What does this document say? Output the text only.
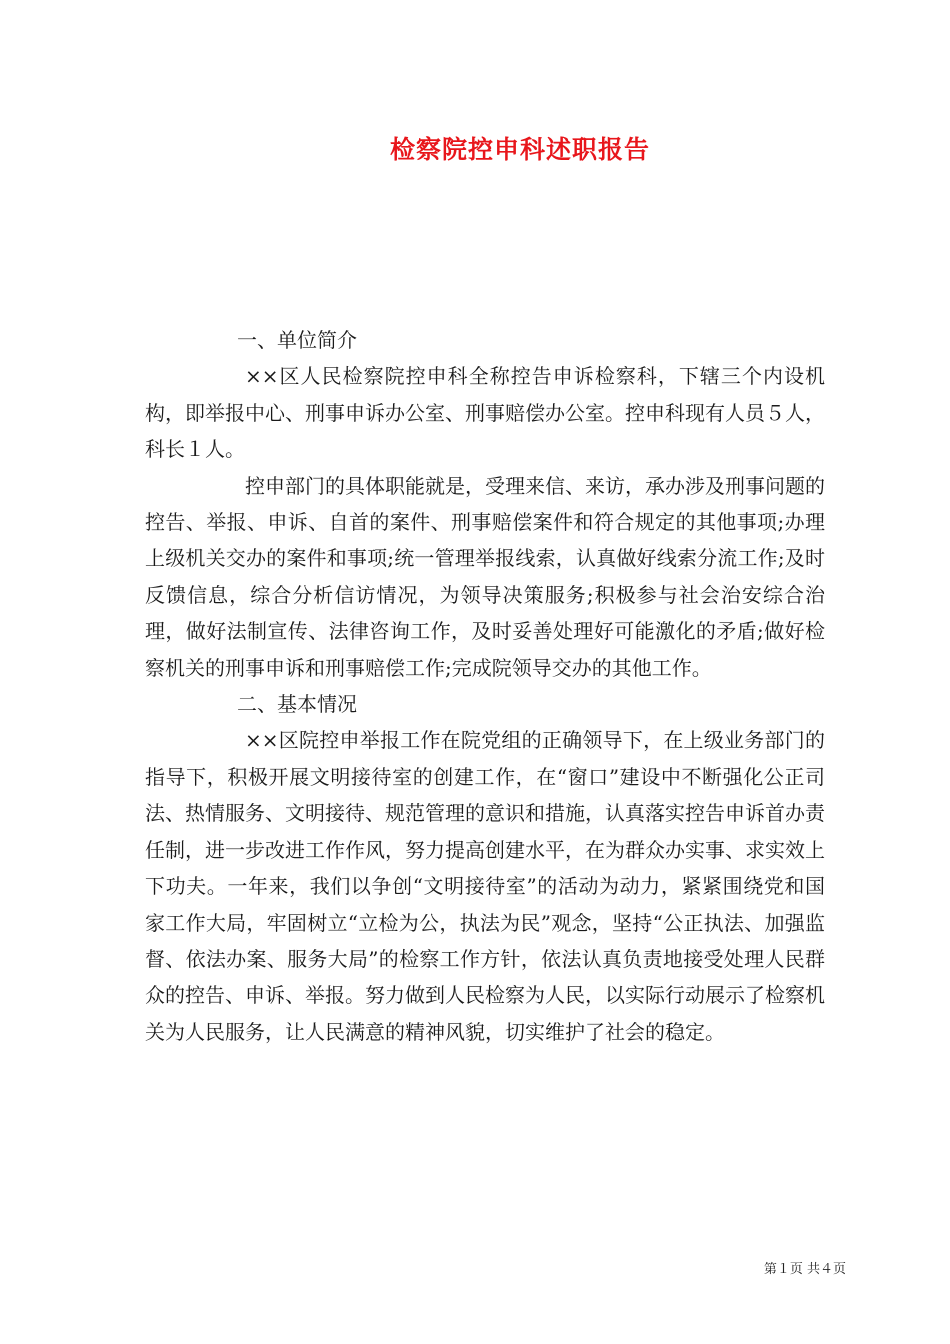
检察院控申科述职报告

一、单位简介

××区人民检察院控申科全称控告申诉检察科，下辖三个内设机构，即举报中心、刑事申诉办公室、刑事赔偿办公室。控申科现有人员５人，科长１人。

控申部门的具体职能就是，受理来信、来访，承办涉及刑事问题的控告、举报、申诉、自首的案件、刑事赔偿案件和符合规定的其他事项;办理上级机关交办的案件和事项;统一管理举报线索，认真做好线索分流工作;及时反馈信息，综合分析信访情况，为领导决策服务;积极参与社会治安综合治理，做好法制宣传、法律咨询工作，及时妥善处理好可能激化的矛盾;做好检察机关的刑事申诉和刑事赔偿工作;完成院领导交办的其他工作。

二、基本情况

××区院控申举报工作在院党组的正确领导下，在上级业务部门的指导下，积极开展文明接待室的创建工作，在“窗口”建设中不断强化公正司法、热情服务、文明接待、规范管理的意识和措施，认真落实控告申诉首办责任制，进一步改进工作作风，努力提高创建水平，在为群众办实事、求实效上下功夫。一年来，我们以争创“文明接待室”的活动为动力，紧紧围绕党和国家工作大局，牢固树立“立检为公，执法为民”观念，坚持“公正执法、加强监督、依法办案、服务大局”的检察工作方针，依法认真负责地接受处理人民群众的控告、申诉、举报。努力做到人民检察为人民，以实际行动展示了检察机关为人民服务，让人民满意的精神风貌，切实维护了社会的稳定。

第１页 共４页
